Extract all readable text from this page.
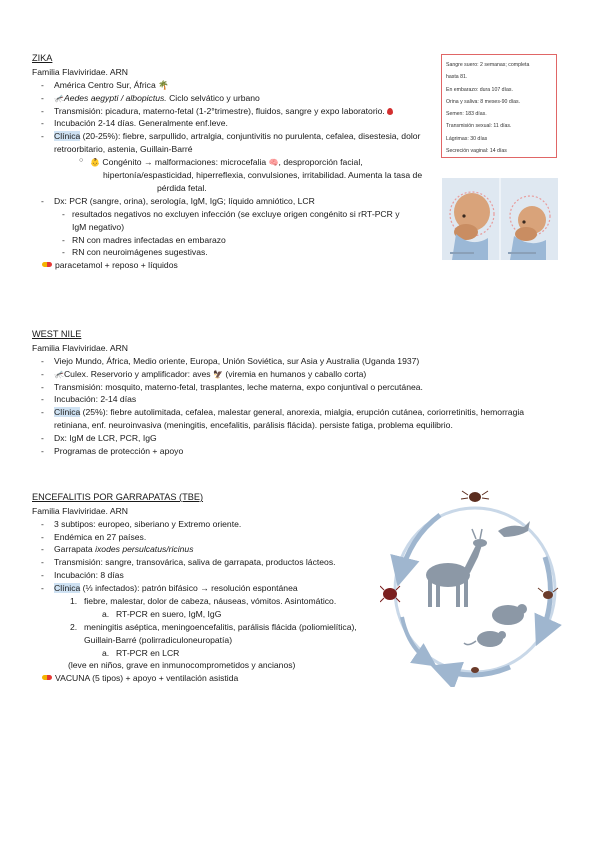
ZIKA

Familia Flaviviridae. ARN

- América Centro Sur, África 🌴

- 🦟Aedes aegypti / albopictus. Ciclo selvático y urbano

- Transmisión: picadura, materno-fetal (1-2°trimestre), fluidos, sangre y expo laboratorio.

- Incubación 2-14 días. Generalmente enf.leve.

- Clínica (20-25%): fiebre, sarpullido, artralgia, conjuntivitis no purulenta, cefalea, disestesia, dolor

retroorbitario, astenia, Guillain-Barré

○ 👶 Congénito → malformaciones: microcefalia 🧠, desproporción facial,

hipertonía/espasticidad, hiperreflexia, convulsiones, irritabilidad. Aumenta la tasa de

pérdida fetal.

- Dx: PCR (sangre, orina), serología, IgM, IgG; líquido amniótico, LCR

- resultados negativos no excluyen infección (se excluye origen congénito si rRT-PCR y

IgM negativo)

- RN con madres infectadas en embarazo

- RN con neuroimágenes sugestivas.

paracetamol + reposo + líquidos

Sangre suero: 2 semanas; completa
hasta 81.
En embarazo: dura 107 días.
Orina y saliva: 8 meses-90 días.
Semen: 183 días.
Transmisión sexual: 11 días.
Lágrimas: 30 días
Secreción vaginal: 14 días

WEST NILE

Familia Flaviviridae. ARN

- Viejo Mundo, África, Medio oriente, Europa, Unión Soviética, sur Asia y Australia (Uganda 1937)

- 🦟Culex. Reservorio y amplificador: aves 🦅 (viremia en humanos y caballo corta)

- Transmisión: mosquito, materno-fetal, trasplantes, leche materna, expo conjuntival o percutánea.

- Incubación: 2-14 días

- Clínica (25%): fiebre autolimitada, cefalea, malestar general, anorexia, mialgia, erupción cutánea, coriorretinitis, hemorragia

retiniana, enf. neuroinvasiva (meningitis, encefalitis, parálisis flácida). persiste fatiga, problema equilibrio.

- Dx: IgM de LCR, PCR, IgG

- Programas de protección + apoyo

ENCEFALITIS POR GARRAPATAS (TBE)

Familia Flaviviridae. ARN

- 3 subtipos: europeo, siberiano y Extremo oriente.

- Endémica en 27 países.

- Garrapata ixodes persulcatus/ricinus

- Transmisión: sangre, transovárica, saliva de garrapata, productos lácteos.

- Incubación: 8 días

- Clínica (⅓ infectados): patrón bifásico → resolución espontánea

1. fiebre, malestar, dolor de cabeza, náuseas, vómitos. Asintomático.

a. RT-PCR en suero, IgM, IgG

2. meningitis aséptica, meningoencefalitis, parálisis flácida (poliomielítica),

Guillain-Barré (polirradiculoneuropatía)

a. RT-PCR en LCR

(leve en niños, grave en inmunocomprometidos y ancianos)

VACUNA (5 tipos) + apoyo + ventilación asistida
